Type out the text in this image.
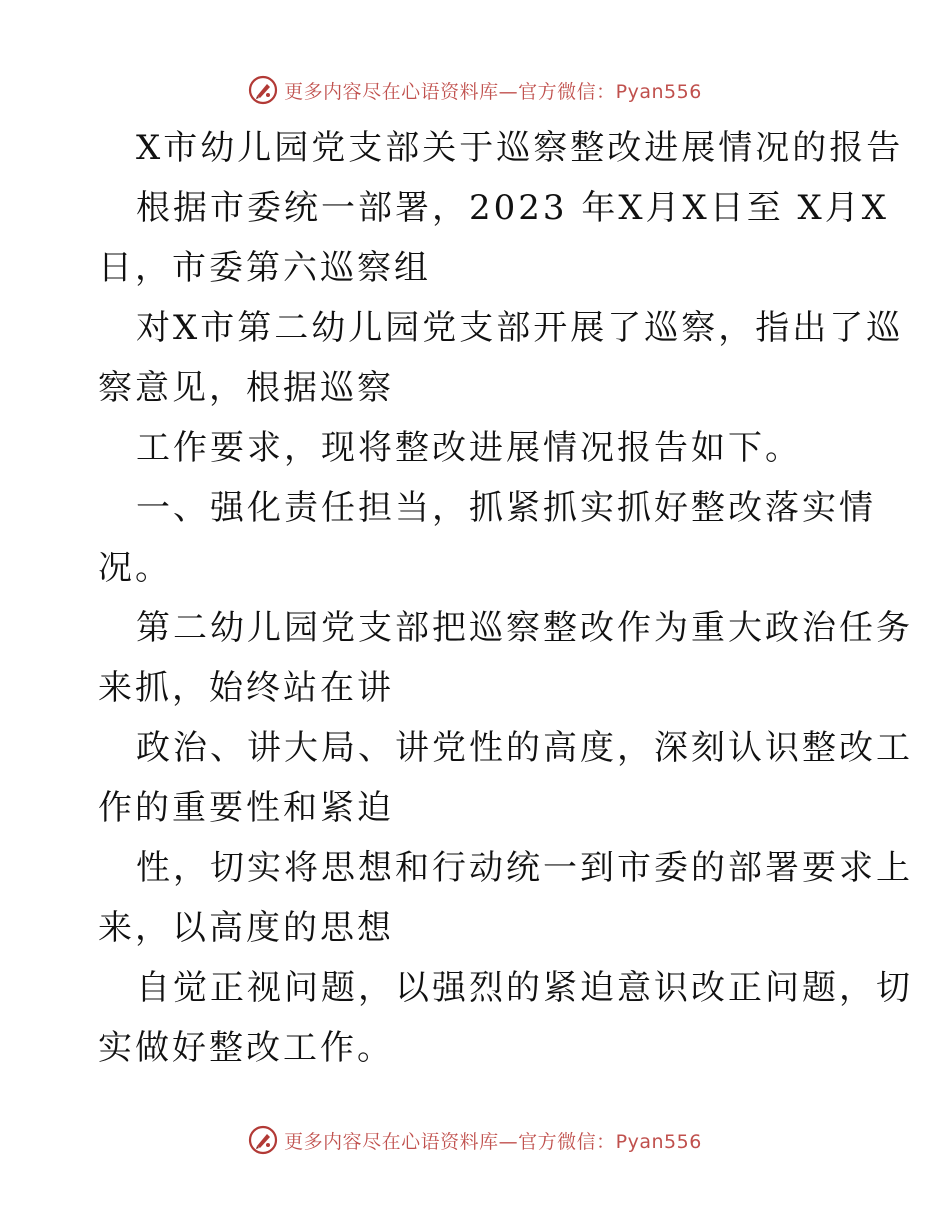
更多内容尽在心语资料库—官方微信：Pyan556
X市幼儿园党支部关于巡察整改进展情况的报告
根据市委统一部署，2023 年X月X日至 X月X
日，市委第六巡察组
对X市第二幼儿园党支部开展了巡察，指出了巡
察意见，根据巡察
工作要求，现将整改进展情况报告如下。
一、强化责任担当，抓紧抓实抓好整改落实情
况。
第二幼儿园党支部把巡察整改作为重大政治任务
来抓，始终站在讲
政治、讲大局、讲党性的高度，深刻认识整改工
作的重要性和紧迫
性，切实将思想和行动统一到市委的部署要求上
来，以高度的思想
自觉正视问题，以强烈的紧迫意识改正问题，切
实做好整改工作。
更多内容尽在心语资料库—官方微信：Pyan556
